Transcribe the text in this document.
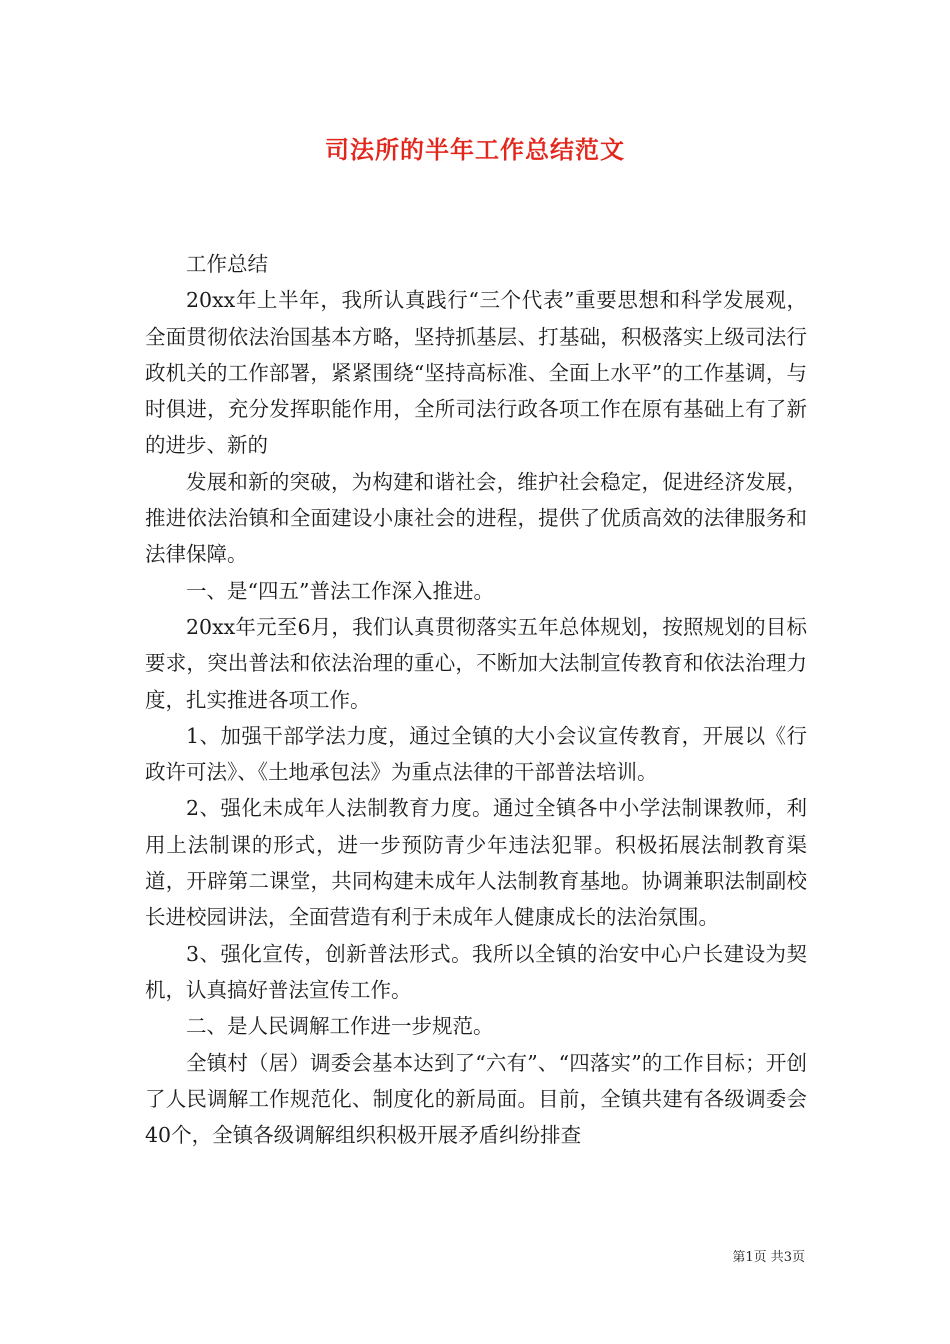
司法所的半年工作总结范文

工作总结

20xx年上半年，我所认真践行“三个代表”重要思想和科学发展观，全面贯彻依法治国基本方略，坚持抓基层、打基础，积极落实上级司法行政机关的工作部署，紧紧围绕“坚持高标准、全面上水平”的工作基调，与时俱进，充分发挥职能作用，全所司法行政各项工作在原有基础上有了新的进步、新的

发展和新的突破，为构建和谐社会，维护社会稳定，促进经济发展，推进依法治镇和全面建设小康社会的进程，提供了优质高效的法律服务和法律保障。

一、是“四五”普法工作深入推进。

20xx年元至6月，我们认真贯彻落实五年总体规划，按照规划的目标要求，突出普法和依法治理的重心，不断加大法制宣传教育和依法治理力度，扎实推进各项工作。

1、加强干部学法力度，通过全镇的大小会议宣传教育，开展以《行政许可法》、《土地承包法》为重点法律的干部普法培训。

2、强化未成年人法制教育力度。通过全镇各中小学法制课教师，利用上法制课的形式，进一步预防青少年违法犯罪。积极拓展法制教育渠道，开辟第二课堂，共同构建未成年人法制教育基地。协调兼职法制副校长进校园讲法，全面营造有利于未成年人健康成长的法治氛围。

3、强化宣传，创新普法形式。我所以全镇的治安中心户长建设为契机，认真搞好普法宣传工作。

二、是人民调解工作进一步规范。

全镇村（居）调委会基本达到了“六有”、“四落实”的工作目标；开创了人民调解工作规范化、制度化的新局面。目前，全镇共建有各级调委会40个，全镇各级调解组织积极开展矛盾纠纷排查

第1页 共3页
